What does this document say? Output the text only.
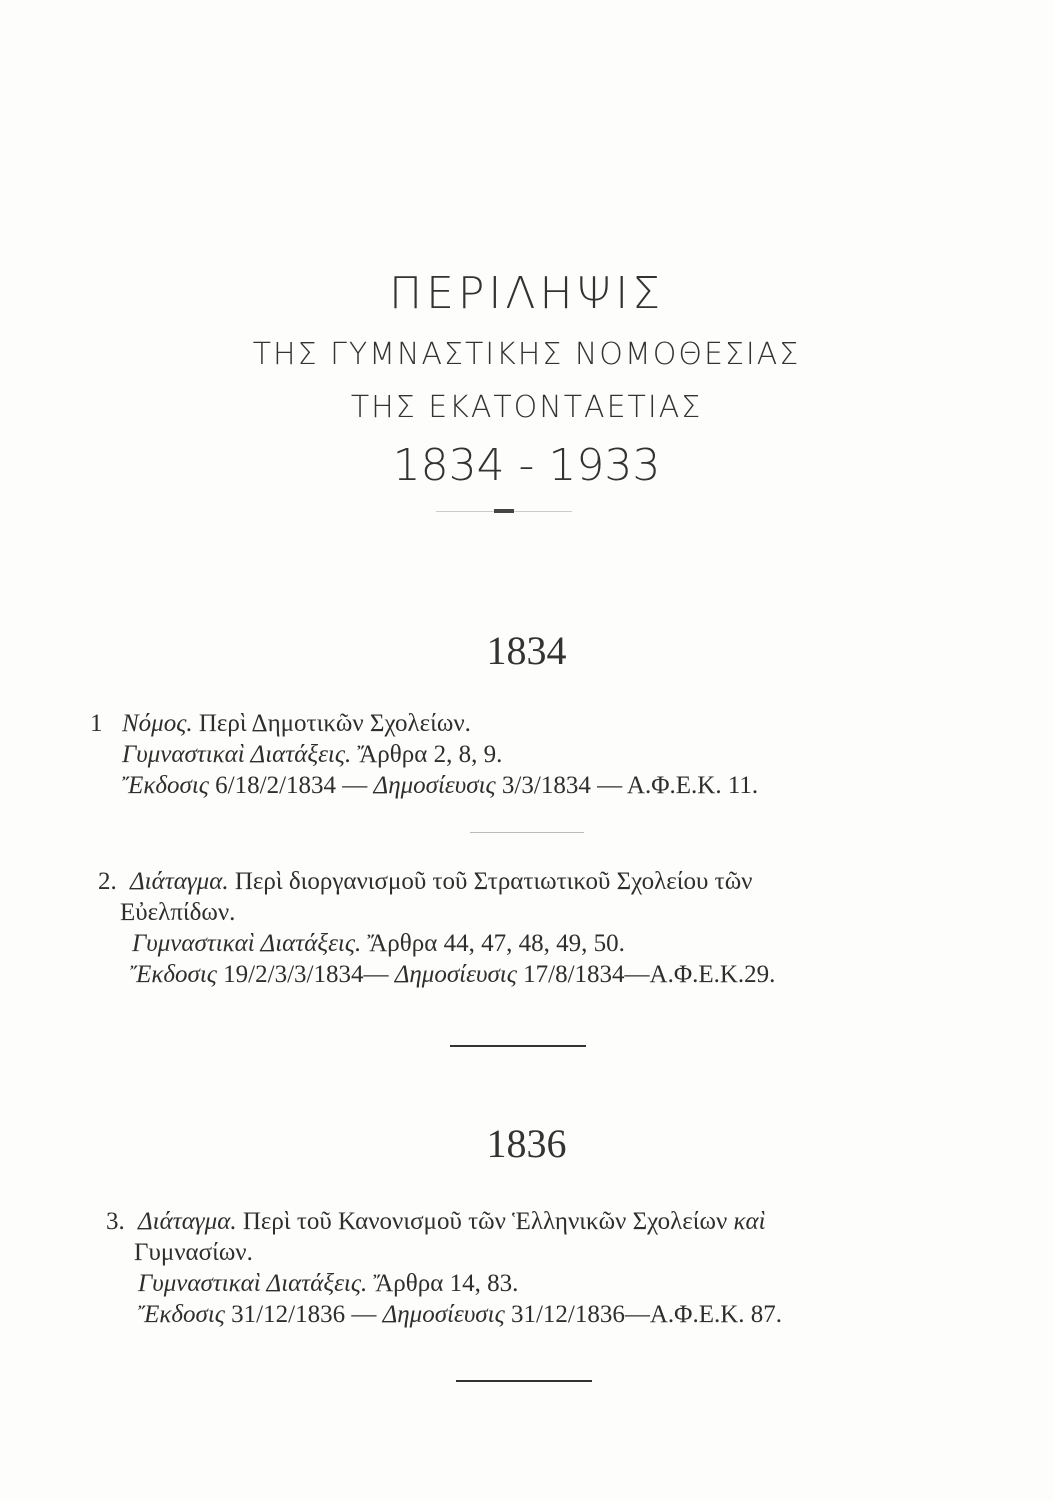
ΠΕΡΙΛΗΨΙΣ
ΤΗΣ ΓΥΜΝΑΣΤΙΚΗΣ ΝΟΜΟΘΕΣΙΑΣ
ΤΗΣ ΕΚΑΤΟΝΤΑΕΤΙΑΣ
1834 - 1933
1834
1 Νόμος. Περὶ Δημοτικῶν Σχολείων.
Γυμναστικαὶ Διατάξεις. Ἄρθρα 2, 8, 9.
Ἔκδοσις 6/18/2/1834 — Δημοσίευσις 3/3/1834 — Α.Φ.Ε.Κ. 11.
2. Διάταγμα. Περὶ διοργανισμοῦ τοῦ Στρατιωτικοῦ Σχολείου τῶν
Εὐελπίδων.
Γυμναστικαὶ Διατάξεις. Ἄρθρα 44, 47, 48, 49, 50.
Ἔκδοσις 19/2/3/3/1834— Δημοσίευσις 17/8/1834—Α.Φ.Ε.Κ.29.
1836
3. Διάταγμα. Περὶ τοῦ Κανονισμοῦ τῶν Ἑλληνικῶν Σχολείων καὶ
Γυμνασίων.
Γυμναστικαὶ Διατάξεις. Ἄρθρα 14, 83.
Ἔκδοσις 31/12/1836 — Δημοσίευσις 31/12/1836—Α.Φ.Ε.Κ. 87.
